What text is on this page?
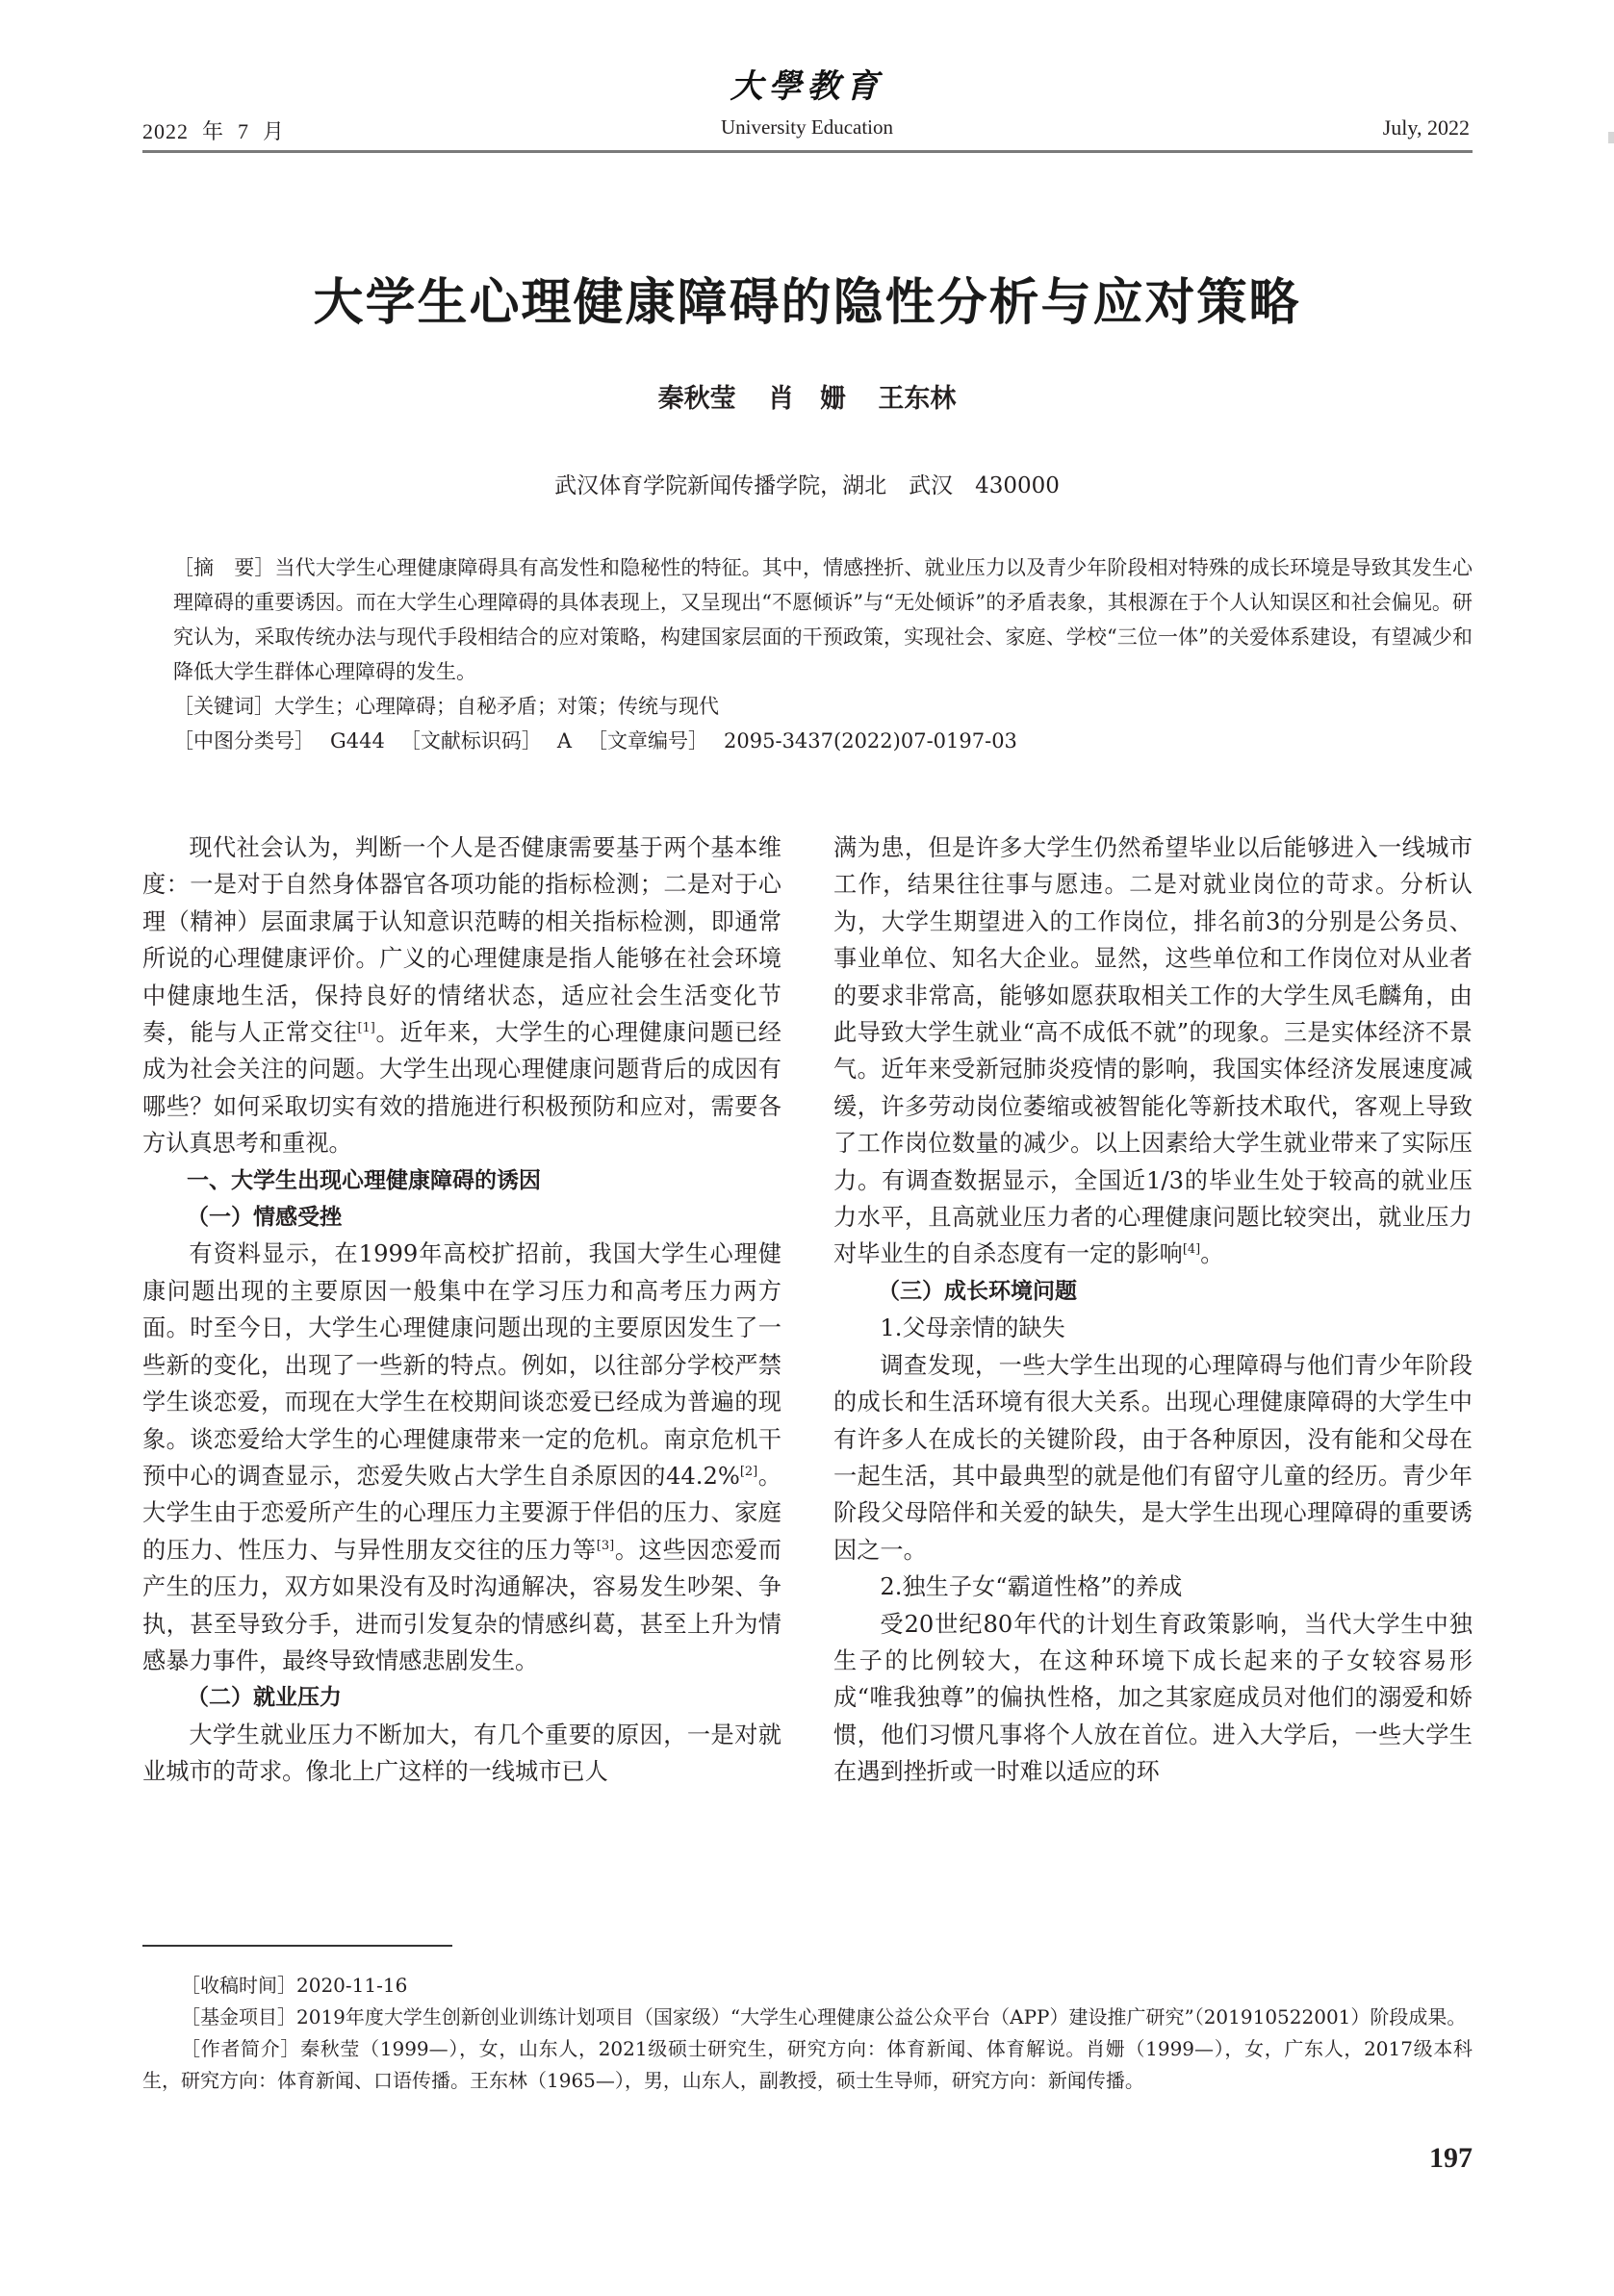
大學教育
2022 年 7 月	University Education	July, 2022
大学生心理健康障碍的隐性分析与应对策略
秦秋莹 肖　姗 王东林
武汉体育学院新闻传播学院，湖北　武汉　430000

［摘　要］当代大学生心理健康障碍具有高发性和隐秘性的特征。其中，情感挫折、就业压力以及青少年阶段相对特殊的成长环境是导致其发生心理障碍的重要诱因。而在大学生心理障碍的具体表现上，又呈现出“不愿倾诉”与“无处倾诉”的矛盾表象，其根源在于个人认知误区和社会偏见。研究认为，采取传统办法与现代手段相结合的应对策略，构建国家层面的干预政策，实现社会、家庭、学校“三位一体”的关爱体系建设，有望减少和降低大学生群体心理障碍的发生。

［关键词］大学生；心理障碍；自秘矛盾；对策；传统与现代
［中图分类号］ G444 ［文献标识码］ A ［文章编号］ 2095-3437(2022)07-0197-03

现代社会认为，判断一个人是否健康需要基于两个基本维度：一是对于自然身体器官各项功能的指标检测；二是对于心理（精神）层面隶属于认知意识范畴的相关指标检测，即通常所说的心理健康评价。广义的心理健康是指人能够在社会环境中健康地生活，保持良好的情绪状态，适应社会生活变化节奏，能与人正常交往[1]。近年来，大学生的心理健康问题已经成为社会关注的问题。大学生出现心理健康问题背后的成因有哪些？如何采取切实有效的措施进行积极预防和应对，需要各方认真思考和重视。

一、大学生出现心理健康障碍的诱因

（一）情感受挫

有资料显示，在1999年高校扩招前，我国大学生心理健康问题出现的主要原因一般集中在学习压力和高考压力两方面。时至今日，大学生心理健康问题出现的主要原因发生了一些新的变化，出现了一些新的特点。例如，以往部分学校严禁学生谈恋爱，而现在大学生在校期间谈恋爱已经成为普遍的现象。谈恋爱给大学生的心理健康带来一定的危机。南京危机干预中心的调查显示，恋爱失败占大学生自杀原因的44.2%[2]。大学生由于恋爱所产生的心理压力主要源于伴侣的压力、家庭的压力、性压力、与异性朋友交往的压力等[3]。这些因恋爱而产生的压力，双方如果没有及时沟通解决，容易发生吵架、争执，甚至导致分手，进而引发复杂的情感纠葛，甚至上升为情感暴力事件，最终导致情感悲剧发生。

（二）就业压力

大学生就业压力不断加大，有几个重要的原因，一是对就业城市的苛求。像北上广这样的一线城市已人

满为患，但是许多大学生仍然希望毕业以后能够进入一线城市工作，结果往往事与愿违。二是对就业岗位的苛求。分析认为，大学生期望进入的工作岗位，排名前3的分别是公务员、事业单位、知名大企业。显然，这些单位和工作岗位对从业者的要求非常高，能够如愿获取相关工作的大学生凤毛麟角，由此导致大学生就业“高不成低不就”的现象。三是实体经济不景气。近年来受新冠肺炎疫情的影响，我国实体经济发展速度减缓，许多劳动岗位萎缩或被智能化等新技术取代，客观上导致了工作岗位数量的减少。以上因素给大学生就业带来了实际压力。有调查数据显示，全国近1/3的毕业生处于较高的就业压力水平，且高就业压力者的心理健康问题比较突出，就业压力对毕业生的自杀态度有一定的影响[4]。

（三）成长环境问题

1.父母亲情的缺失

调查发现，一些大学生出现的心理障碍与他们青少年阶段的成长和生活环境有很大关系。出现心理健康障碍的大学生中有许多人在成长的关键阶段，由于各种原因，没有能和父母在一起生活，其中最典型的就是他们有留守儿童的经历。青少年阶段父母陪伴和关爱的缺失，是大学生出现心理障碍的重要诱因之一。

2.独生子女“霸道性格”的养成

受20世纪80年代的计划生育政策影响，当代大学生中独生子的比例较大，在这种环境下成长起来的子女较容易形成“唯我独尊”的偏执性格，加之其家庭成员对他们的溺爱和娇惯，他们习惯凡事将个人放在首位。进入大学后，一些大学生在遇到挫折或一时难以适应的环

［收稿时间］2020-11-16

［基金项目］2019年度大学生创新创业训练计划项目（国家级）“大学生心理健康公益公众平台（APP）建设推广研究”（201910522001）阶段成果。

［作者简介］秦秋莹（1999—），女，山东人，2021级硕士研究生，研究方向：体育新闻、体育解说。肖姗（1999—），女，广东人，2017级本科生，研究方向：体育新闻、口语传播。王东林（1965—），男，山东人，副教授，硕士生导师，研究方向：新闻传播。

197
